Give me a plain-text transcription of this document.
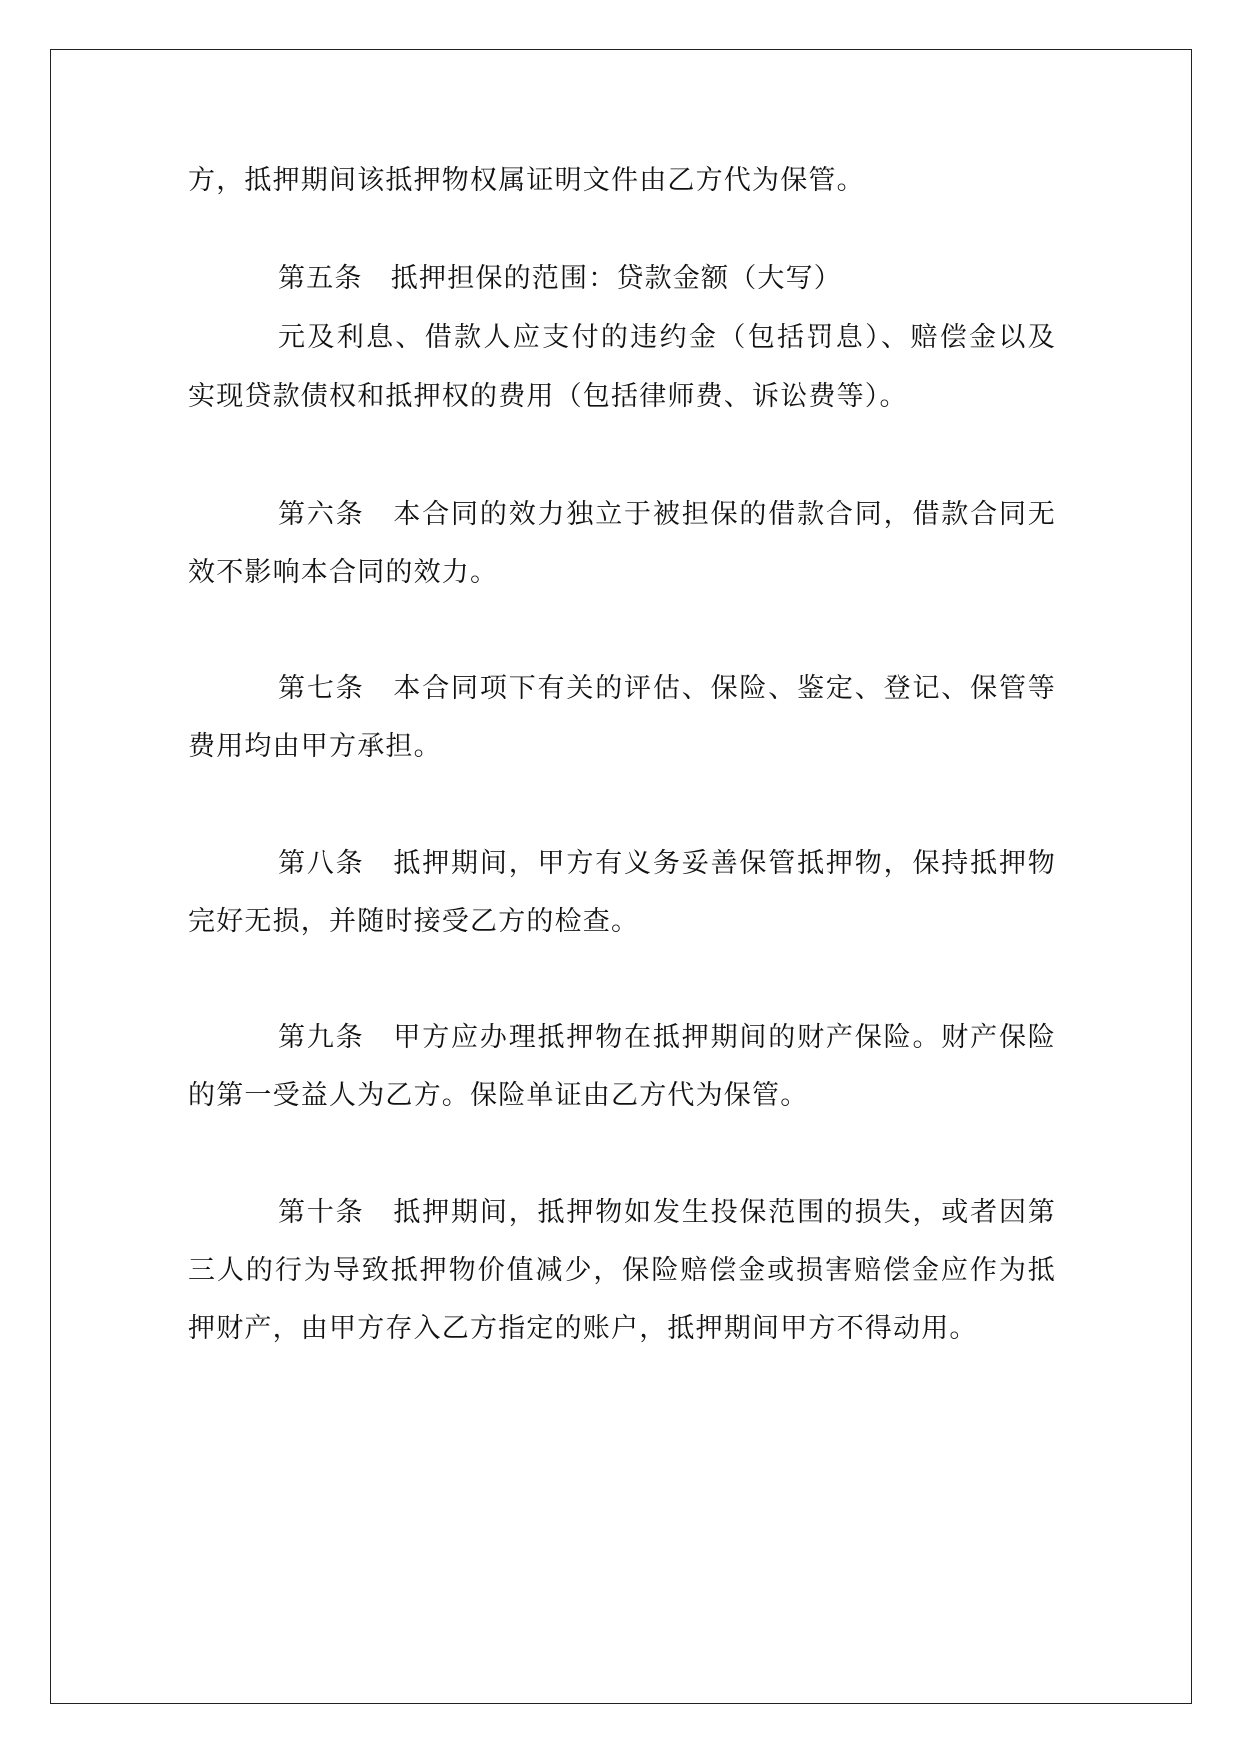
方，抵押期间该抵押物权属证明文件由乙方代为保管。
第五条　抵押担保的范围：贷款金额（大写）
元及利息、借款人应支付的违约金（包括罚息）、赔偿金以及
实现贷款债权和抵押权的费用（包括律师费、诉讼费等）。
第六条　本合同的效力独立于被担保的借款合同，借款合同无
效不影响本合同的效力。
第七条　本合同项下有关的评估、保险、鉴定、登记、保管等
费用均由甲方承担。
第八条　抵押期间，甲方有义务妥善保管抵押物，保持抵押物
完好无损，并随时接受乙方的检查。
第九条　甲方应办理抵押物在抵押期间的财产保险。财产保险
的第一受益人为乙方。保险单证由乙方代为保管。
第十条　抵押期间，抵押物如发生投保范围的损失，或者因第
三人的行为导致抵押物价值减少，保险赔偿金或损害赔偿金应作为抵
押财产，由甲方存入乙方指定的账户，抵押期间甲方不得动用。
